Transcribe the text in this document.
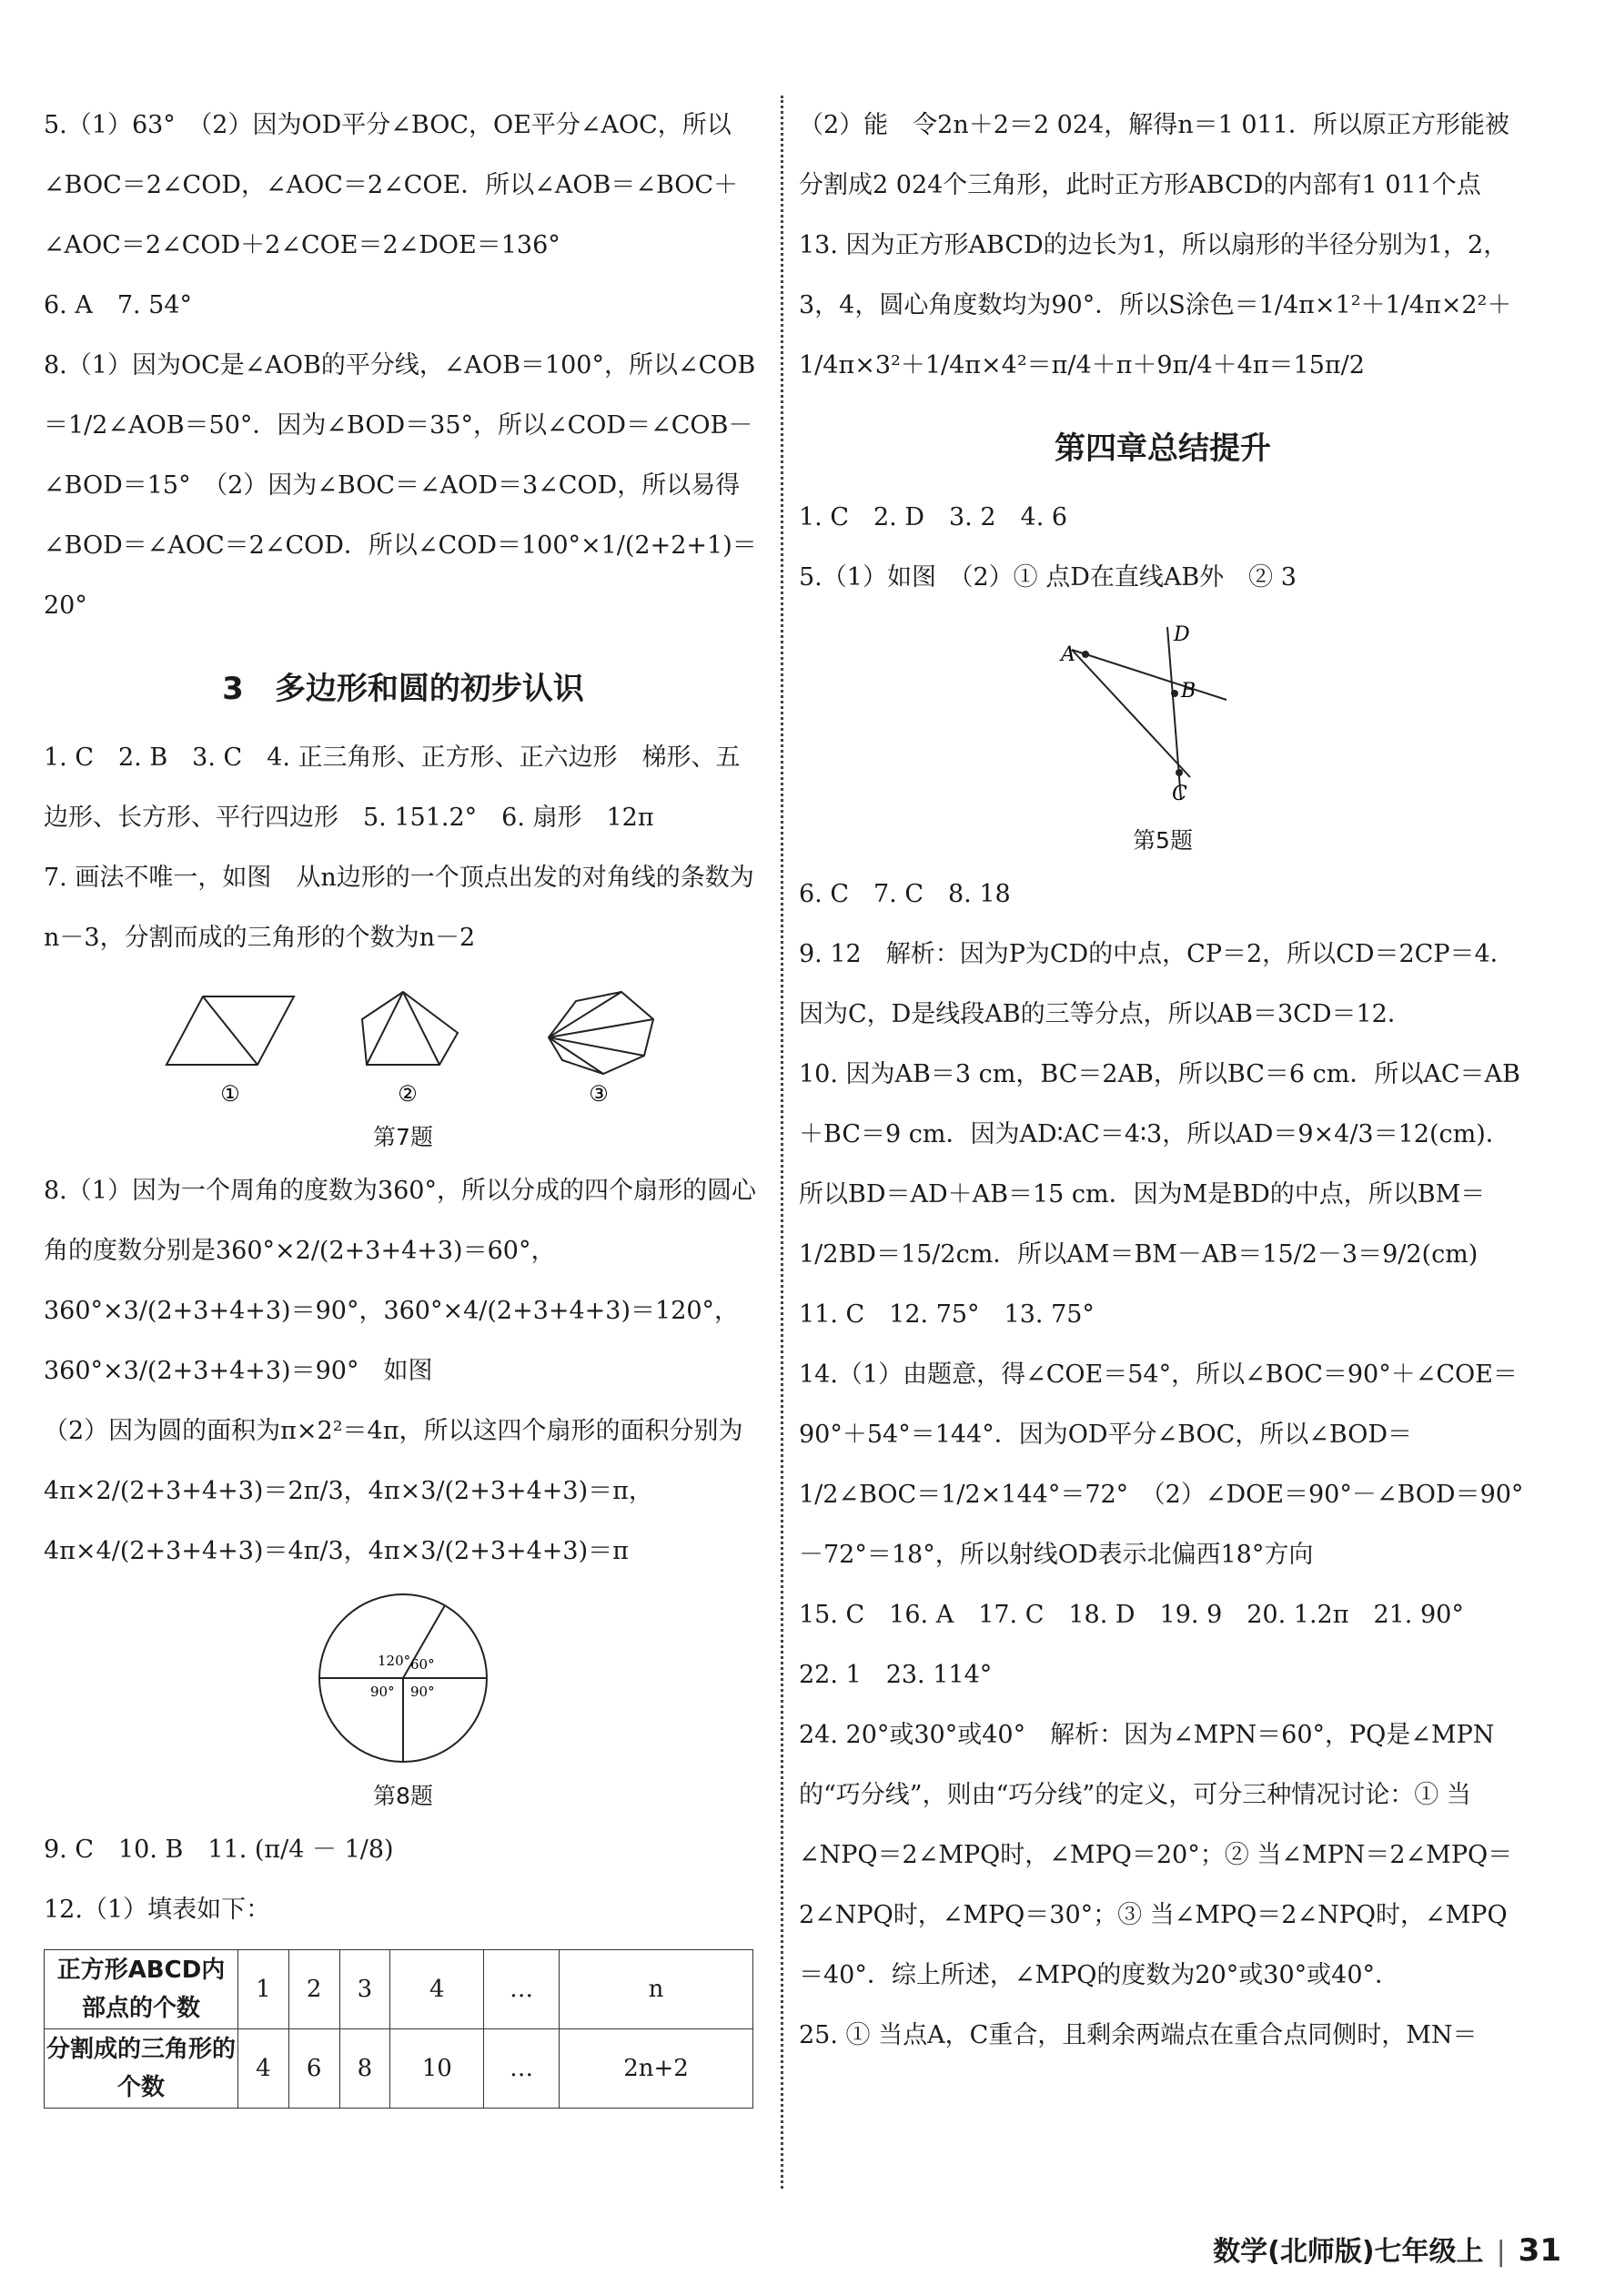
5.（1）63°　（2）因为OD平分∠BOC，OE平分∠AOC，所以∠BOC＝2∠COD，∠AOC＝2∠COE．所以∠AOB＝∠BOC＋∠AOC＝2∠COD＋2∠COE＝2∠DOE＝136°

6. A　7. 54°

8.（1）因为OC是∠AOB的平分线，∠AOB＝100°，所以∠COB＝1/2∠AOB＝50°．因为∠BOD＝35°，所以∠COD＝∠COB－∠BOD＝15°　（2）因为∠BOC＝∠AOD＝3∠COD，所以易得∠BOD＝∠AOC＝2∠COD．所以∠COD＝100°×1/(2+2+1)＝20°

3　多边形和圆的初步认识

1. C　2. B　3. C　4. 正三角形、正方形、正六边形　梯形、五边形、长方形、平行四边形　5. 151.2°　6. 扇形　12π

7. 画法不唯一，如图　从n边形的一个顶点出发的对角线的条数为n－3，分割而成的三角形的个数为n－2

①	②	③

第7题

8.（1）因为一个周角的度数为360°，所以分成的四个扇形的圆心角的度数分别是360°×2/(2+3+4+3)＝60°，360°×3/(2+3+4+3)＝90°，360°×4/(2+3+4+3)＝120°，360°×3/(2+3+4+3)＝90°　如图

（2）因为圆的面积为π×2²＝4π，所以这四个扇形的面积分别为4π×2/(2+3+4+3)＝2π/3，4π×3/(2+3+4+3)＝π，4π×4/(2+3+4+3)＝4π/3，4π×3/(2+3+4+3)＝π

120° 60°
90° 90°

第8题

9. C　10. B　11. (π/4 － 1/8)

12.（1）填表如下：

正方形ABCD内部点的个数	1	2	3	4	…	n
分割成的三角形的个数	4	6	8	10	…	2n+2

（2）能　令2n＋2＝2 024，解得n＝1 011．所以原正方形能被分割成2 024个三角形，此时正方形ABCD的内部有1 011个点

13. 因为正方形ABCD的边长为1，所以扇形的半径分别为1，2，3，4，圆心角度数均为90°．所以S涂色＝1/4π×1²＋1/4π×2²＋1/4π×3²＋1/4π×4²＝π/4＋π＋9π/4＋4π＝15π/2

第四章总结提升

1. C　2. D　3. 2　4. 6

5.（1）如图　（2）① 点D在直线AB外　② 3

A
B
C
D

第5题

6. C　7. C　8. 18

9. 12　解析：因为P为CD的中点，CP＝2，所以CD＝2CP＝4．因为C，D是线段AB的三等分点，所以AB＝3CD＝12．

10. 因为AB＝3 cm，BC＝2AB，所以BC＝6 cm．所以AC＝AB＋BC＝9 cm．因为AD∶AC＝4∶3，所以AD＝9×4/3＝12(cm)．所以BD＝AD＋AB＝15 cm．因为M是BD的中点，所以BM＝1/2BD＝15/2cm．所以AM＝BM－AB＝15/2－3＝9/2(cm)

11. C　12. 75°　13. 75°

14.（1）由题意，得∠COE＝54°，所以∠BOC＝90°＋∠COE＝90°＋54°＝144°．因为OD平分∠BOC，所以∠BOD＝1/2∠BOC＝1/2×144°＝72°　（2）∠DOE＝90°－∠BOD＝90°－72°＝18°，所以射线OD表示北偏西18°方向

15. C　16. A　17. C　18. D　19. 9　20. 1.2π　21. 90°

22. 1　23. 114°

24. 20°或30°或40°　解析：因为∠MPN＝60°，PQ是∠MPN的“巧分线”，则由“巧分线”的定义，可分三种情况讨论：① 当∠NPQ＝2∠MPQ时，∠MPQ＝20°；② 当∠MPN＝2∠MPQ＝2∠NPQ时，∠MPQ＝30°；③ 当∠MPQ＝2∠NPQ时，∠MPQ＝40°．综上所述，∠MPQ的度数为20°或30°或40°．

25. ① 当点A，C重合，且剩余两端点在重合点同侧时，MN＝

数学(北师版)七年级上 | 31
